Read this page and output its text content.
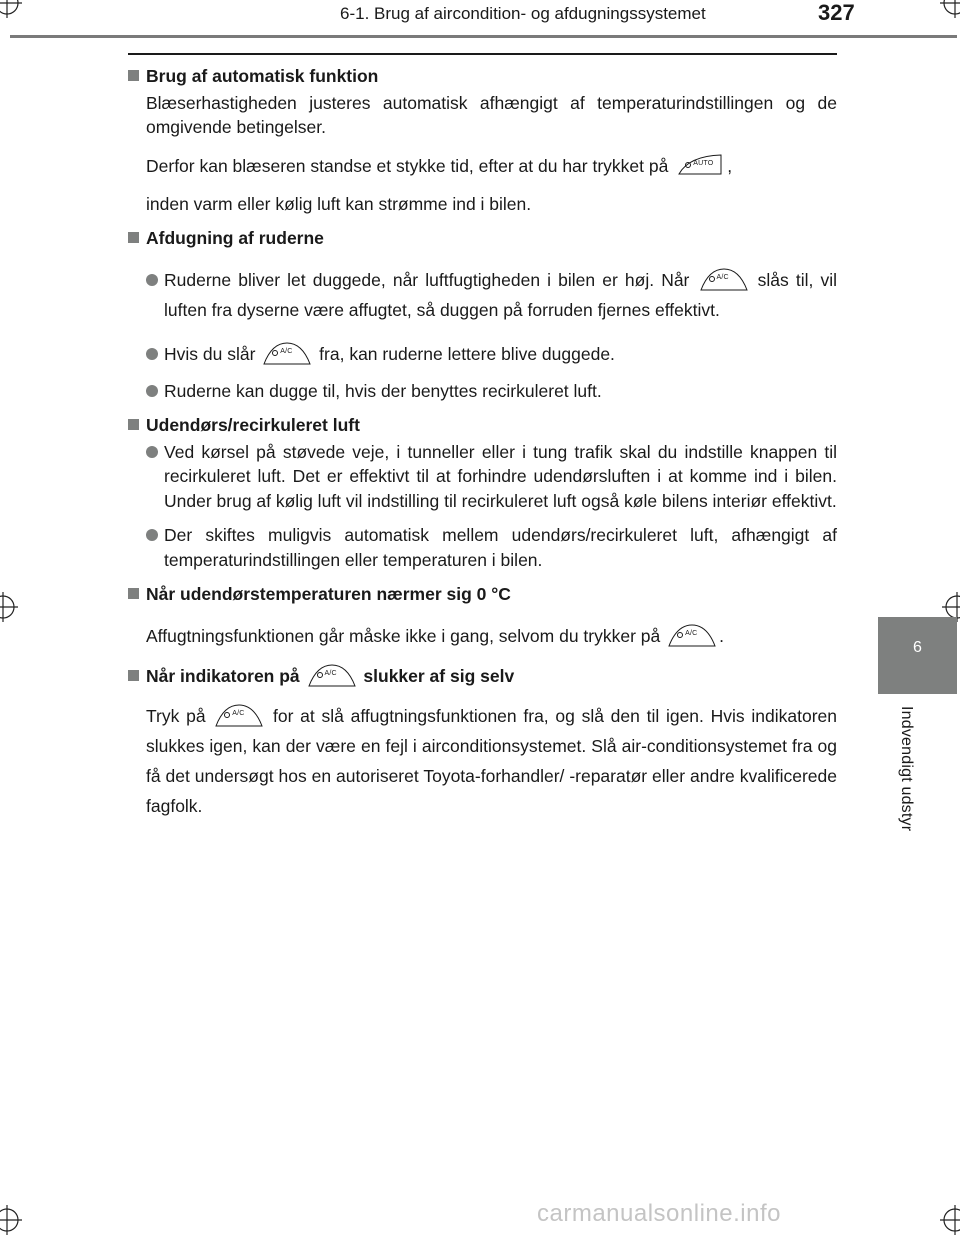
6-1. Brug af aircondition- og afdugningssystemet	327
6
Indvendigt udstyr
Brug af automatisk funktion
Blæserhastigheden justeres automatisk afhængigt af temperaturindstillingen og de omgivende betingelser.
Derfor kan blæseren standse et stykke tid, efter at du har trykket på	AUTO ,
inden varm eller kølig luft kan strømme ind i bilen.
Afdugning af ruderne
Ruderne bliver let duggede, når luftfugtigheden i bilen er høj. Når	A/C slås til, vil luften fra dyserne være affugtet, så duggen på forruden fjernes effektivt.
Hvis du slår	A/C fra, kan ruderne lettere blive duggede.
Ruderne kan dugge til, hvis der benyttes recirkuleret luft.
Udendørs/recirkuleret luft
Ved kørsel på støvede veje, i tunneller eller i tung trafik skal du indstille knappen til recirkuleret luft. Det er effektivt til at forhindre udendørsluften i at komme ind i bilen. Under brug af kølig luft vil indstilling til recirkuleret luft også køle bilens interiør effektivt.
Der skiftes muligvis automatisk mellem udendørs/recirkuleret luft, afhængigt af temperaturindstillingen eller temperaturen i bilen.
Når udendørstemperaturen nærmer sig 0 °C
Affugtningsfunktionen går måske ikke i gang, selvom du trykker på	A/C .
Når indikatoren på	A/C slukker af sig selv
Tryk på	A/C for at slå affugtningsfunktionen fra, og slå den til igen. Hvis indikatoren slukkes igen, kan der være en fejl i airconditionsystemet. Slå air-conditionsystemet fra og få det undersøgt hos en autoriseret Toyota-forhandler/ -reparatør eller andre kvalificerede fagfolk.
carmanualsonline.info
